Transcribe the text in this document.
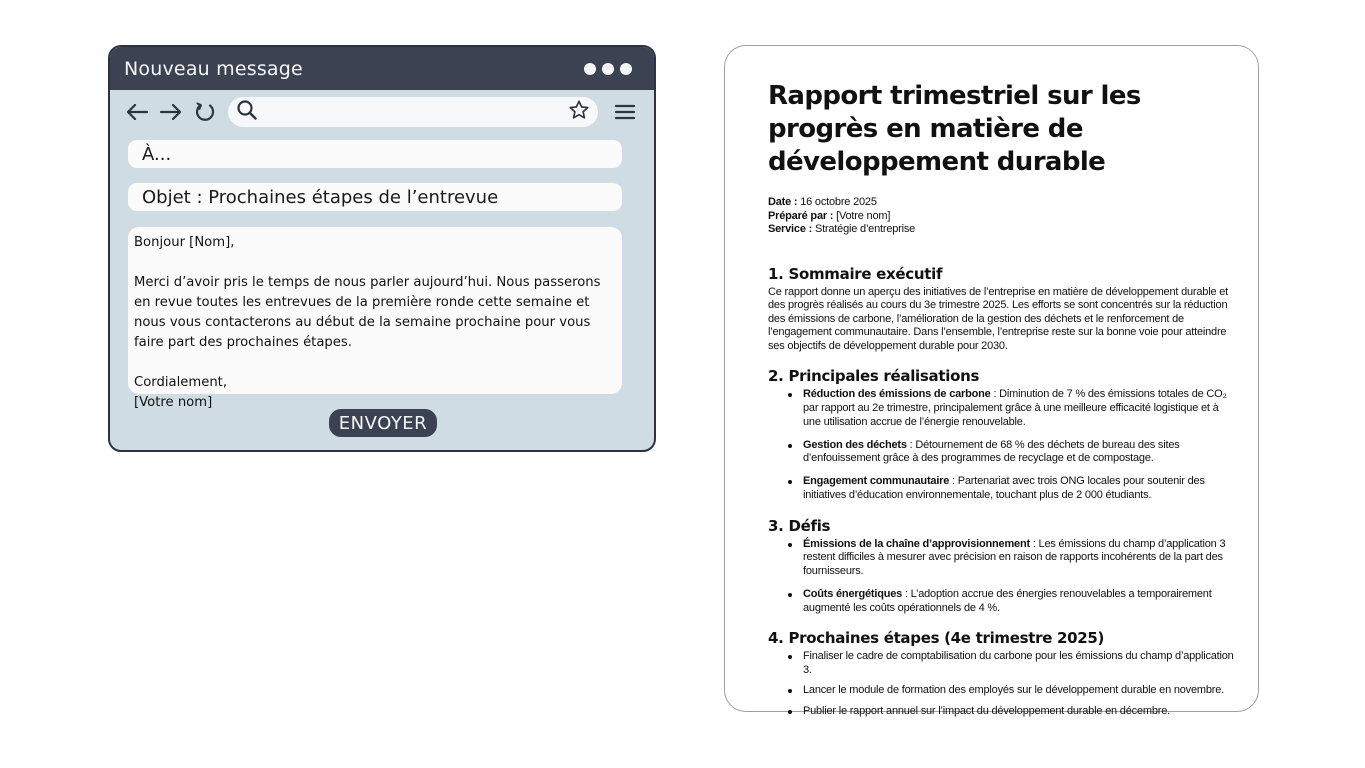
Nouveau message
À...
Objet : Prochaines étapes de l’entrevue

Bonjour [Nom],

Merci d’avoir pris le temps de nous parler aujourd’hui. Nous passerons en revue toutes les entrevues de la première ronde cette semaine et nous vous contacterons au début de la semaine prochaine pour vous faire part des prochaines étapes.

Cordialement,

[Votre nom]

ENVOYER
Rapport trimestriel sur les progrès en matière de développement durable
Date : 16 octobre 2025
Préparé par : [Votre nom]
Service : Stratégie d’entreprise
1. Sommaire exécutif

Ce rapport donne un aperçu des initiatives de l’entreprise en matière de développement durable et des progrès réalisés au cours du 3e trimestre 2025. Les efforts se sont concentrés sur la réduction des émissions de carbone, l’amélioration de la gestion des déchets et le renforcement de l’engagement communautaire. Dans l’ensemble, l’entreprise reste sur la bonne voie pour atteindre ses objectifs de développement durable pour 2030.

2. Principales réalisations
Réduction des émissions de carbone : Diminution de 7 % des émissions totales de CO₂ par rapport au 2e trimestre, principalement grâce à une meilleure efficacité logistique et à une utilisation accrue de l’énergie renouvelable.
Gestion des déchets : Détournement de 68 % des déchets de bureau des sites d’enfouissement grâce à des programmes de recyclage et de compostage.
Engagement communautaire : Partenariat avec trois ONG locales pour soutenir des initiatives d’éducation environnementale, touchant plus de 2 000 étudiants.
3. Défis
Émissions de la chaîne d’approvisionnement : Les émissions du champ d’application 3 restent difficiles à mesurer avec précision en raison de rapports incohérents de la part des fournisseurs.
Coûts énergétiques : L’adoption accrue des énergies renouvelables a temporairement augmenté les coûts opérationnels de 4 %.
4. Prochaines étapes (4e trimestre 2025)
Finaliser le cadre de comptabilisation du carbone pour les émissions du champ d’application 3.
Lancer le module de formation des employés sur le développement durable en novembre.
Publier le rapport annuel sur l’impact du développement durable en décembre.
